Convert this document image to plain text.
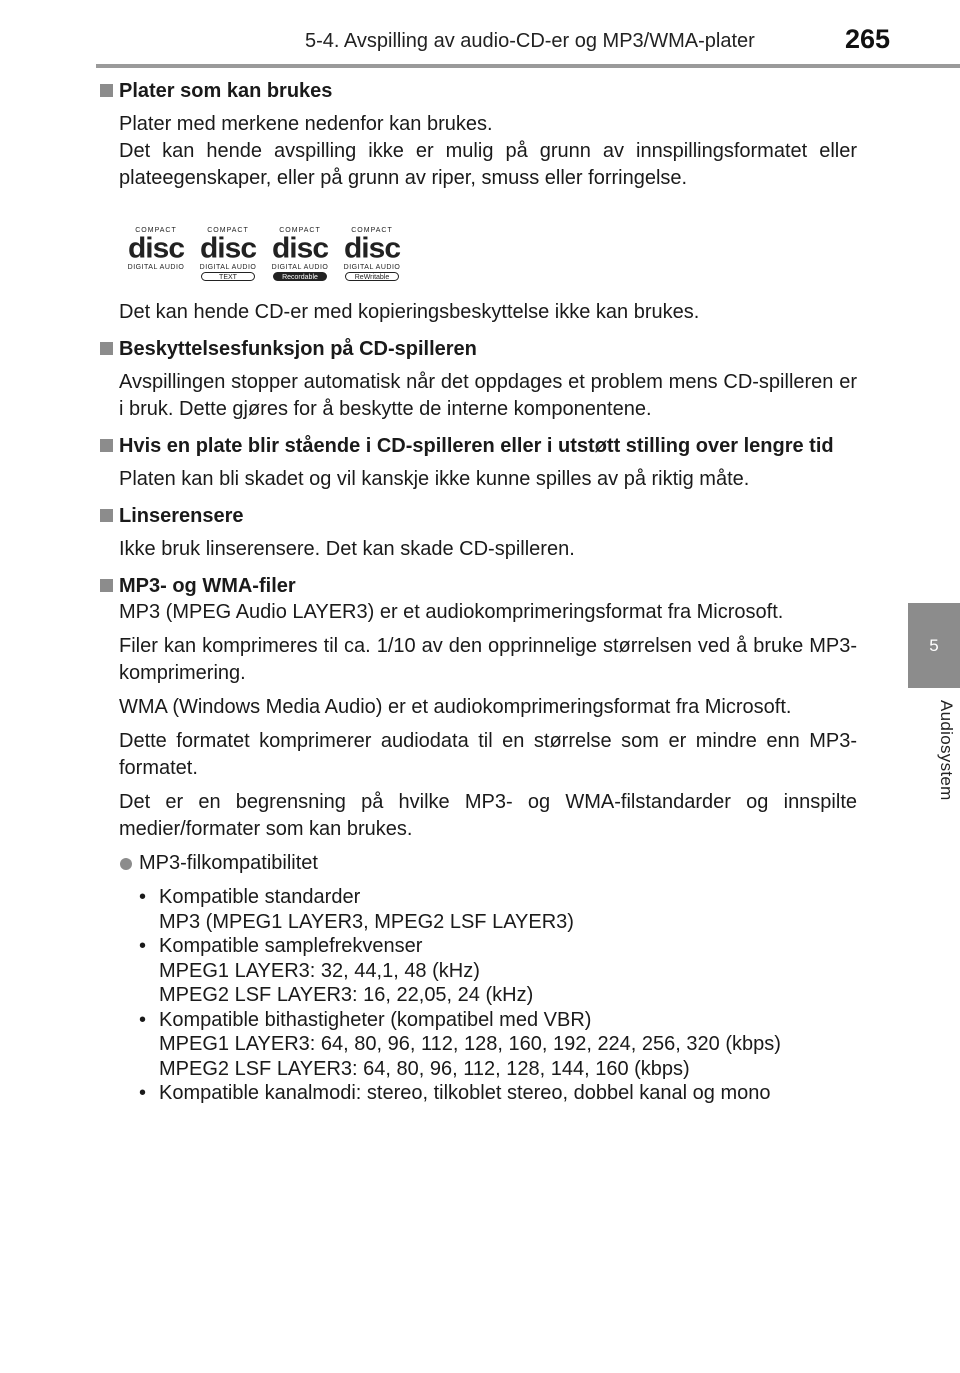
5-4. Avspilling av audio-CD-er og MP3/WMA-plater	265
5
Audiosystem
Plater som kan brukes

Plater med merkene nedenfor kan brukes.

Det kan hende avspilling ikke er mulig på grunn av innspillingsformatet eller plateegenskaper, eller på grunn av riper, smuss eller forringelse.

COMPACT
disc
DIGITAL AUDIO
COMPACT
disc
DIGITAL AUDIO
TEXT
COMPACT
disc
DIGITAL AUDIO
Recordable
COMPACT
disc
DIGITAL AUDIO
ReWritable

Det kan hende CD-er med kopieringsbeskyttelse ikke kan brukes.

Beskyttelsesfunksjon på CD-spilleren

Avspillingen stopper automatisk når det oppdages et problem mens CD-spilleren er i bruk. Dette gjøres for å beskytte de interne komponentene.

Hvis en plate blir stående i CD-spilleren eller i utstøtt stilling over lengre tid

Platen kan bli skadet og vil kanskje ikke kunne spilles av på riktig måte.

Linserensere

Ikke bruk linserensere. Det kan skade CD-spilleren.

MP3- og WMA-filer

MP3 (MPEG Audio LAYER3) er et audiokomprimeringsformat fra Microsoft.

Filer kan komprimeres til ca. 1/10 av den opprinnelige størrelsen ved å bruke MP3-komprimering.

WMA (Windows Media Audio) er et audiokomprimeringsformat fra Microsoft.

Dette formatet komprimerer audiodata til en størrelse som er mindre enn MP3-formatet.

Det er en begrensning på hvilke MP3- og WMA-filstandarder og innspilte medier/formater som kan brukes.

MP3-filkompatibilitet
• Kompatible standarder
MP3 (MPEG1 LAYER3, MPEG2 LSF LAYER3)
• Kompatible samplefrekvenser
MPEG1 LAYER3: 32, 44,1, 48 (kHz)
MPEG2 LSF LAYER3: 16, 22,05, 24 (kHz)
• Kompatible bithastigheter (kompatibel med VBR)
MPEG1 LAYER3: 64, 80, 96, 112, 128, 160, 192, 224, 256, 320 (kbps)
MPEG2 LSF LAYER3: 64, 80, 96, 112, 128, 144, 160 (kbps)
• Kompatible kanalmodi: stereo, tilkoblet stereo, dobbel kanal og mono
